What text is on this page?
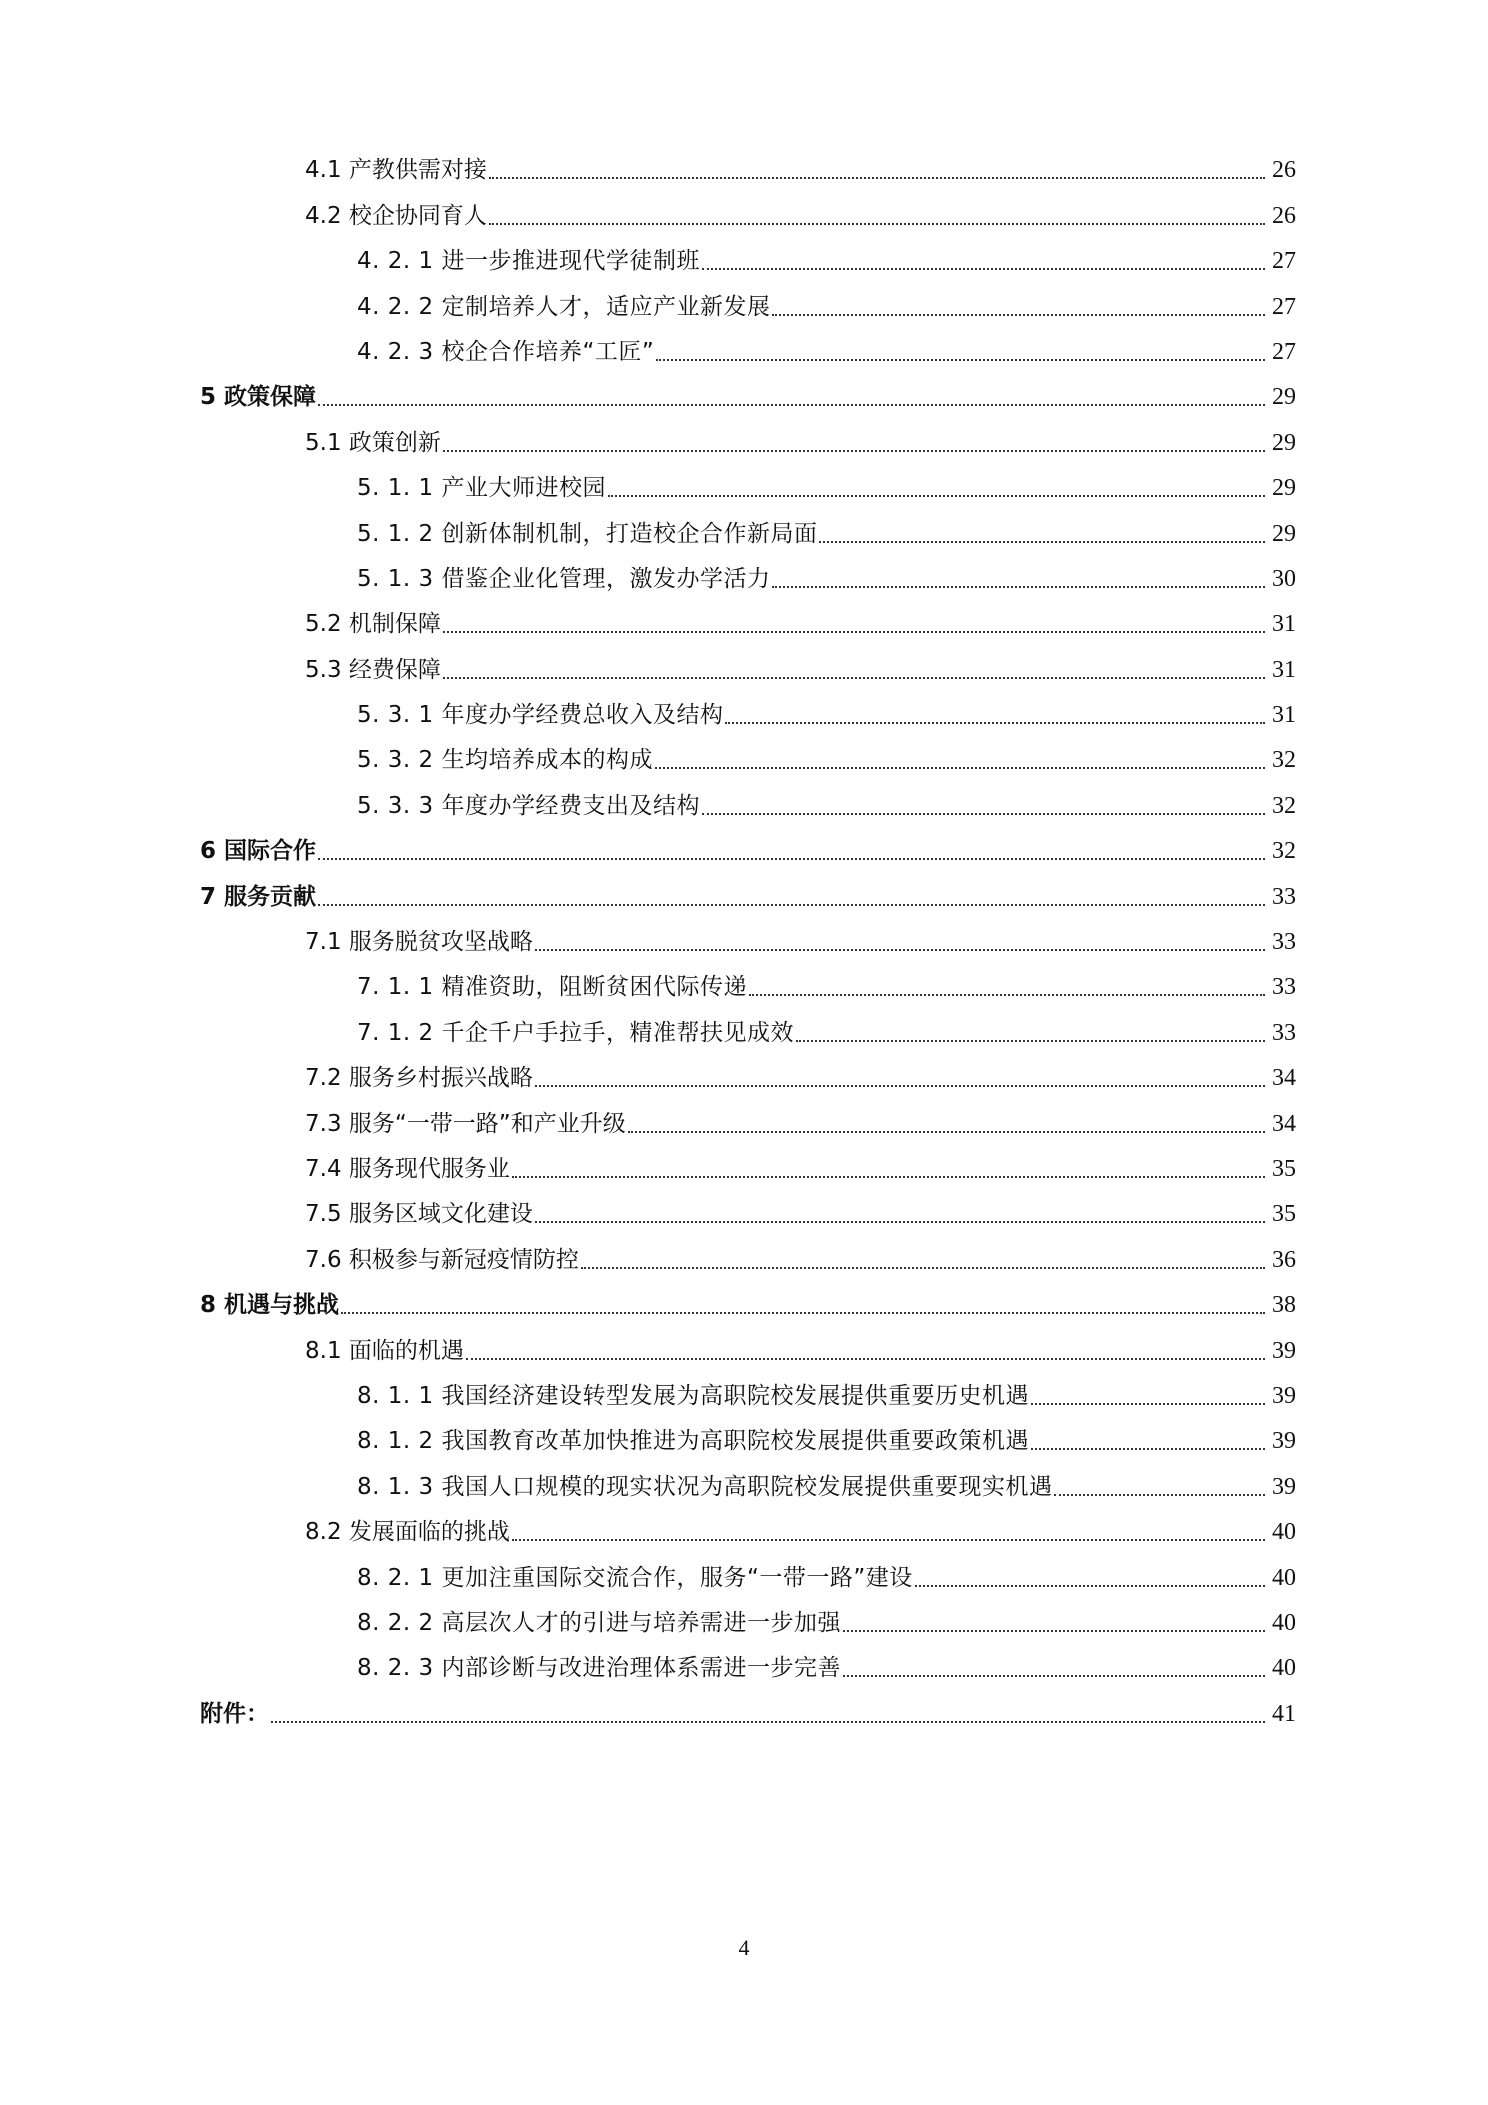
4.1 产教供需对接	26
4.2 校企协同育人	26
4. 2. 1 进一步推进现代学徒制班	27
4. 2. 2 定制培养人才，适应产业新发展	27
4. 2. 3 校企合作培养“工匠”	27
5 政策保障	29
5.1 政策创新	29
5. 1. 1 产业大师进校园	29
5. 1. 2 创新体制机制，打造校企合作新局面	29
5. 1. 3 借鉴企业化管理，激发办学活力	30
5.2 机制保障	31
5.3 经费保障	31
5. 3. 1 年度办学经费总收入及结构	31
5. 3. 2 生均培养成本的构成	32
5. 3. 3 年度办学经费支出及结构	32
6 国际合作	32
7 服务贡献	33
7.1 服务脱贫攻坚战略	33
7. 1. 1 精准资助，阻断贫困代际传递	33
7. 1. 2 千企千户手拉手，精准帮扶见成效	33
7.2 服务乡村振兴战略	34
7.3 服务“一带一路”和产业升级	34
7.4 服务现代服务业	35
7.5 服务区域文化建设	35
7.6 积极参与新冠疫情防控	36
8 机遇与挑战	38
8.1 面临的机遇	39
8. 1. 1 我国经济建设转型发展为高职院校发展提供重要历史机遇	39
8. 1. 2 我国教育改革加快推进为高职院校发展提供重要政策机遇	39
8. 1. 3 我国人口规模的现实状况为高职院校发展提供重要现实机遇	39
8.2 发展面临的挑战	40
8. 2. 1 更加注重国际交流合作，服务“一带一路”建设	40
8. 2. 2 高层次人才的引进与培养需进一步加强	40
8. 2. 3 内部诊断与改进治理体系需进一步完善	40
附件：	41
4
